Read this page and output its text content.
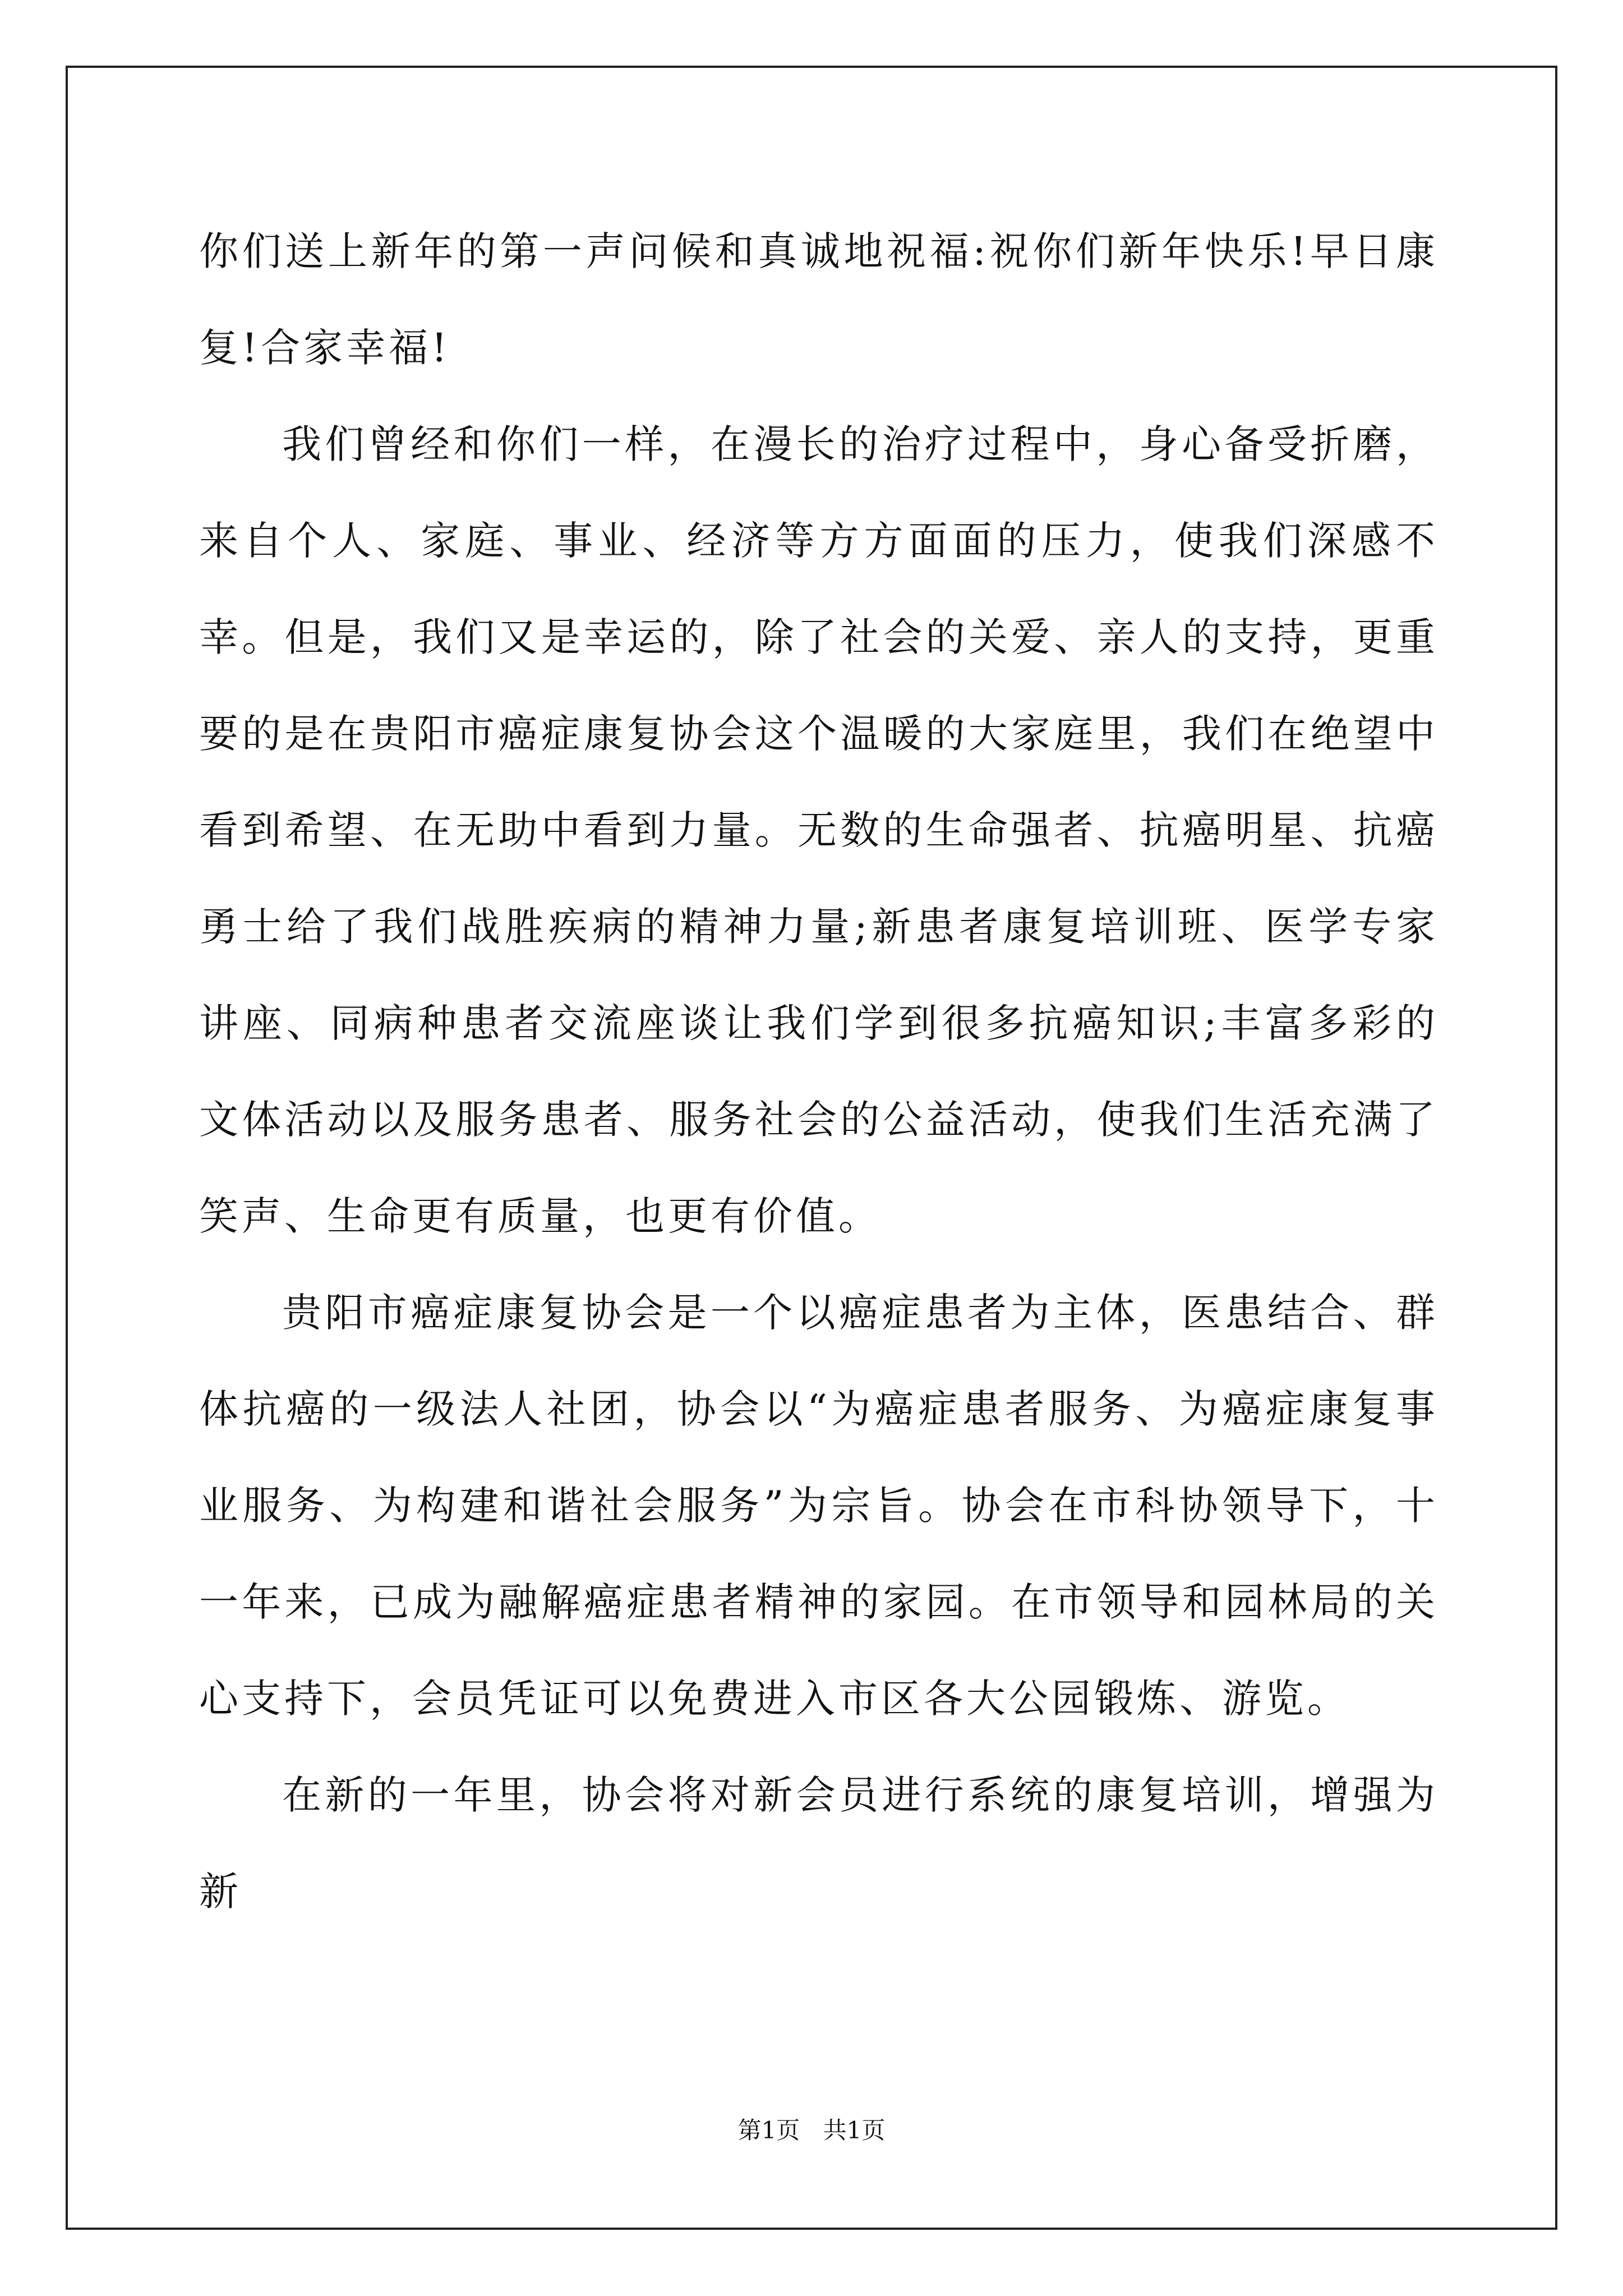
你们送上新年的第一声问候和真诚地祝福:祝你们新年快乐!早日康复!合家幸福!

我们曾经和你们一样，在漫长的治疗过程中，身心备受折磨，来自个人、家庭、事业、经济等方方面面的压力，使我们深感不幸。但是，我们又是幸运的，除了社会的关爱、亲人的支持，更重要的是在贵阳市癌症康复协会这个温暖的大家庭里，我们在绝望中看到希望、在无助中看到力量。无数的生命强者、抗癌明星、抗癌勇士给了我们战胜疾病的精神力量;新患者康复培训班、医学专家讲座、同病种患者交流座谈让我们学到很多抗癌知识;丰富多彩的文体活动以及服务患者、服务社会的公益活动，使我们生活充满了笑声、生命更有质量，也更有价值。

贵阳市癌症康复协会是一个以癌症患者为主体，医患结合、群体抗癌的一级法人社团，协会以“为癌症患者服务、为癌症康复事业服务、为构建和谐社会服务”为宗旨。协会在市科协领导下，十一年来，已成为融解癌症患者精神的家园。在市领导和园林局的关心支持下，会员凭证可以免费进入市区各大公园锻炼、游览。

在新的一年里，协会将对新会员进行系统的康复培训，增强为新

第1页 共1页
